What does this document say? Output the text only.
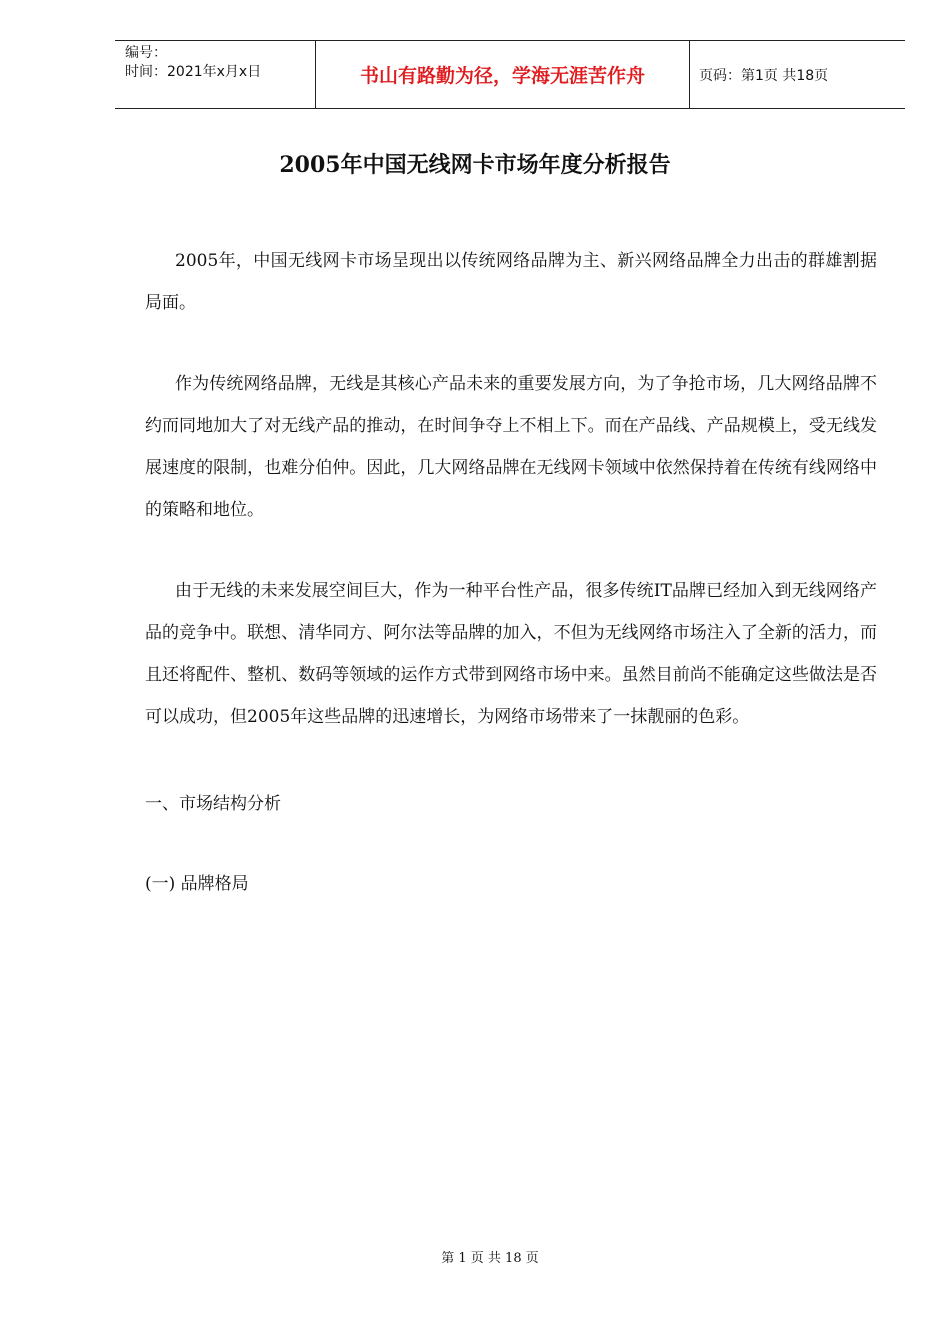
编号：
时间：2021年x月x日	书山有路勤为径，学海无涯苦作舟	页码：第1页 共18页
2005年中国无线网卡市场年度分析报告

2005年，中国无线网卡市场呈现出以传统网络品牌为主、新兴网络品牌全力出击的群雄割据局面。

作为传统网络品牌，无线是其核心产品未来的重要发展方向，为了争抢市场，几大网络品牌不约而同地加大了对无线产品的推动，在时间争夺上不相上下。而在产品线、产品规模上，受无线发展速度的限制，也难分伯仲。因此，几大网络品牌在无线网卡领域中依然保持着在传统有线网络中的策略和地位。

由于无线的未来发展空间巨大，作为一种平台性产品，很多传统IT品牌已经加入到无线网络产品的竞争中。联想、清华同方、阿尔法等品牌的加入，不但为无线网络市场注入了全新的活力，而且还将配件、整机、数码等领域的运作方式带到网络市场中来。虽然目前尚不能确定这些做法是否可以成功，但2005年这些品牌的迅速增长，为网络市场带来了一抹靓丽的色彩。

一、市场结构分析

(一) 品牌格局

第 1 页 共 18 页
